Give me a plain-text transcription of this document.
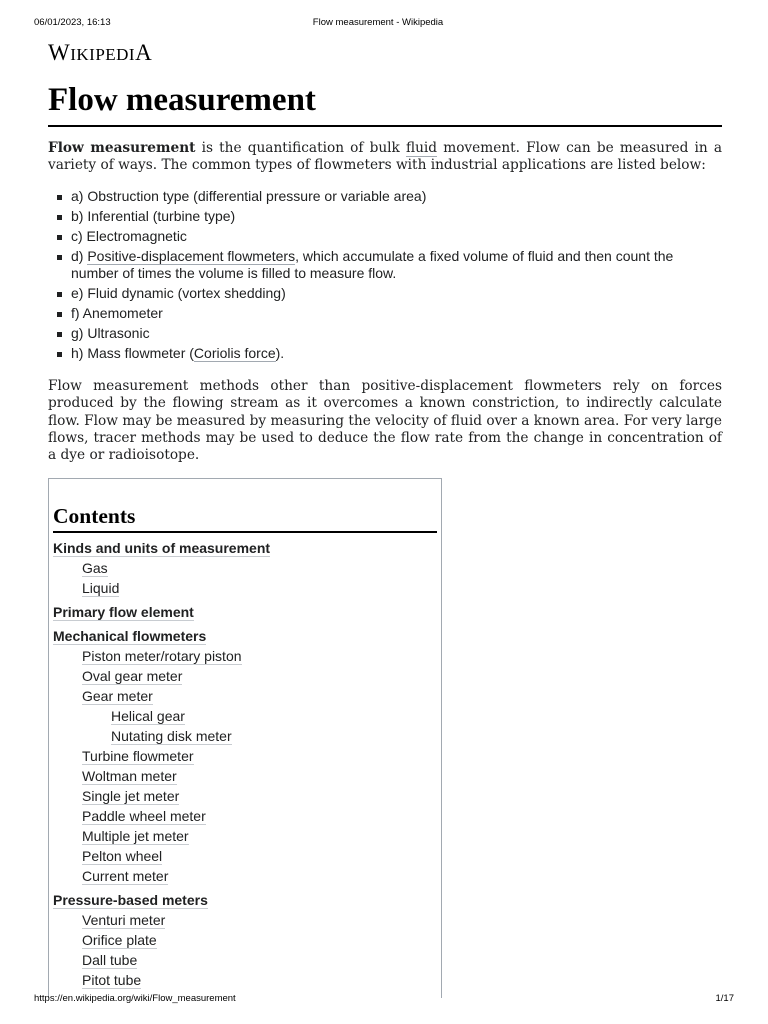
06/01/2023, 16:13	Flow measurement - Wikipedia
WIKIPEDIA
Flow measurement

Flow measurement is the quantification of bulk fluid movement. Flow can be measured in a variety of ways. The common types of flowmeters with industrial applications are listed below:

a) Obstruction type (differential pressure or variable area)
b) Inferential (turbine type)
c) Electromagnetic
d) Positive-displacement flowmeters, which accumulate a fixed volume of fluid and then count the number of times the volume is filled to measure flow.
e) Fluid dynamic (vortex shedding)
f) Anemometer
g) Ultrasonic
h) Mass flowmeter (Coriolis force).

Flow measurement methods other than positive-displacement flowmeters rely on forces produced by the flowing stream as it overcomes a known constriction, to indirectly calculate flow. Flow may be measured by measuring the velocity of fluid over a known area. For very large flows, tracer methods may be used to deduce the flow rate from the change in concentration of a dye or radioisotope.

Contents
Kinds and units of measurement
Gas
Liquid
Primary flow element
Mechanical flowmeters
Piston meter/rotary piston
Oval gear meter
Gear meter
Helical gear
Nutating disk meter
Turbine flowmeter
Woltman meter
Single jet meter
Paddle wheel meter
Multiple jet meter
Pelton wheel
Current meter
Pressure-based meters
Venturi meter
Orifice plate
Dall tube
Pitot tube
https://en.wikipedia.org/wiki/Flow_measurement	1/17
